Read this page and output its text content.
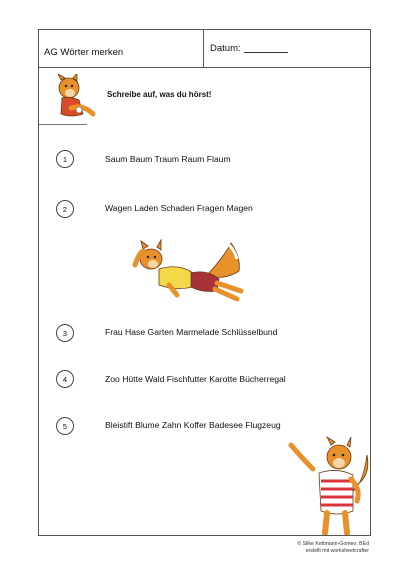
AG Wörter merken	Datum:
Schreibe auf, was du hörst!
1	Saum Baum Traum Raum Flaum
2	Wagen Laden Schaden Fragen Magen
3	Frau Hase Garten Marmelade Schlüsselbund
4	Zoo Hütte Wald Fischfutter Karotte Bücherregal
5	Bleistift Blume Zahn Koffer Badesee Flugzeug
© Silke Kettmann-Gomeo, BEd
erstellt mit worksheetcrafter
